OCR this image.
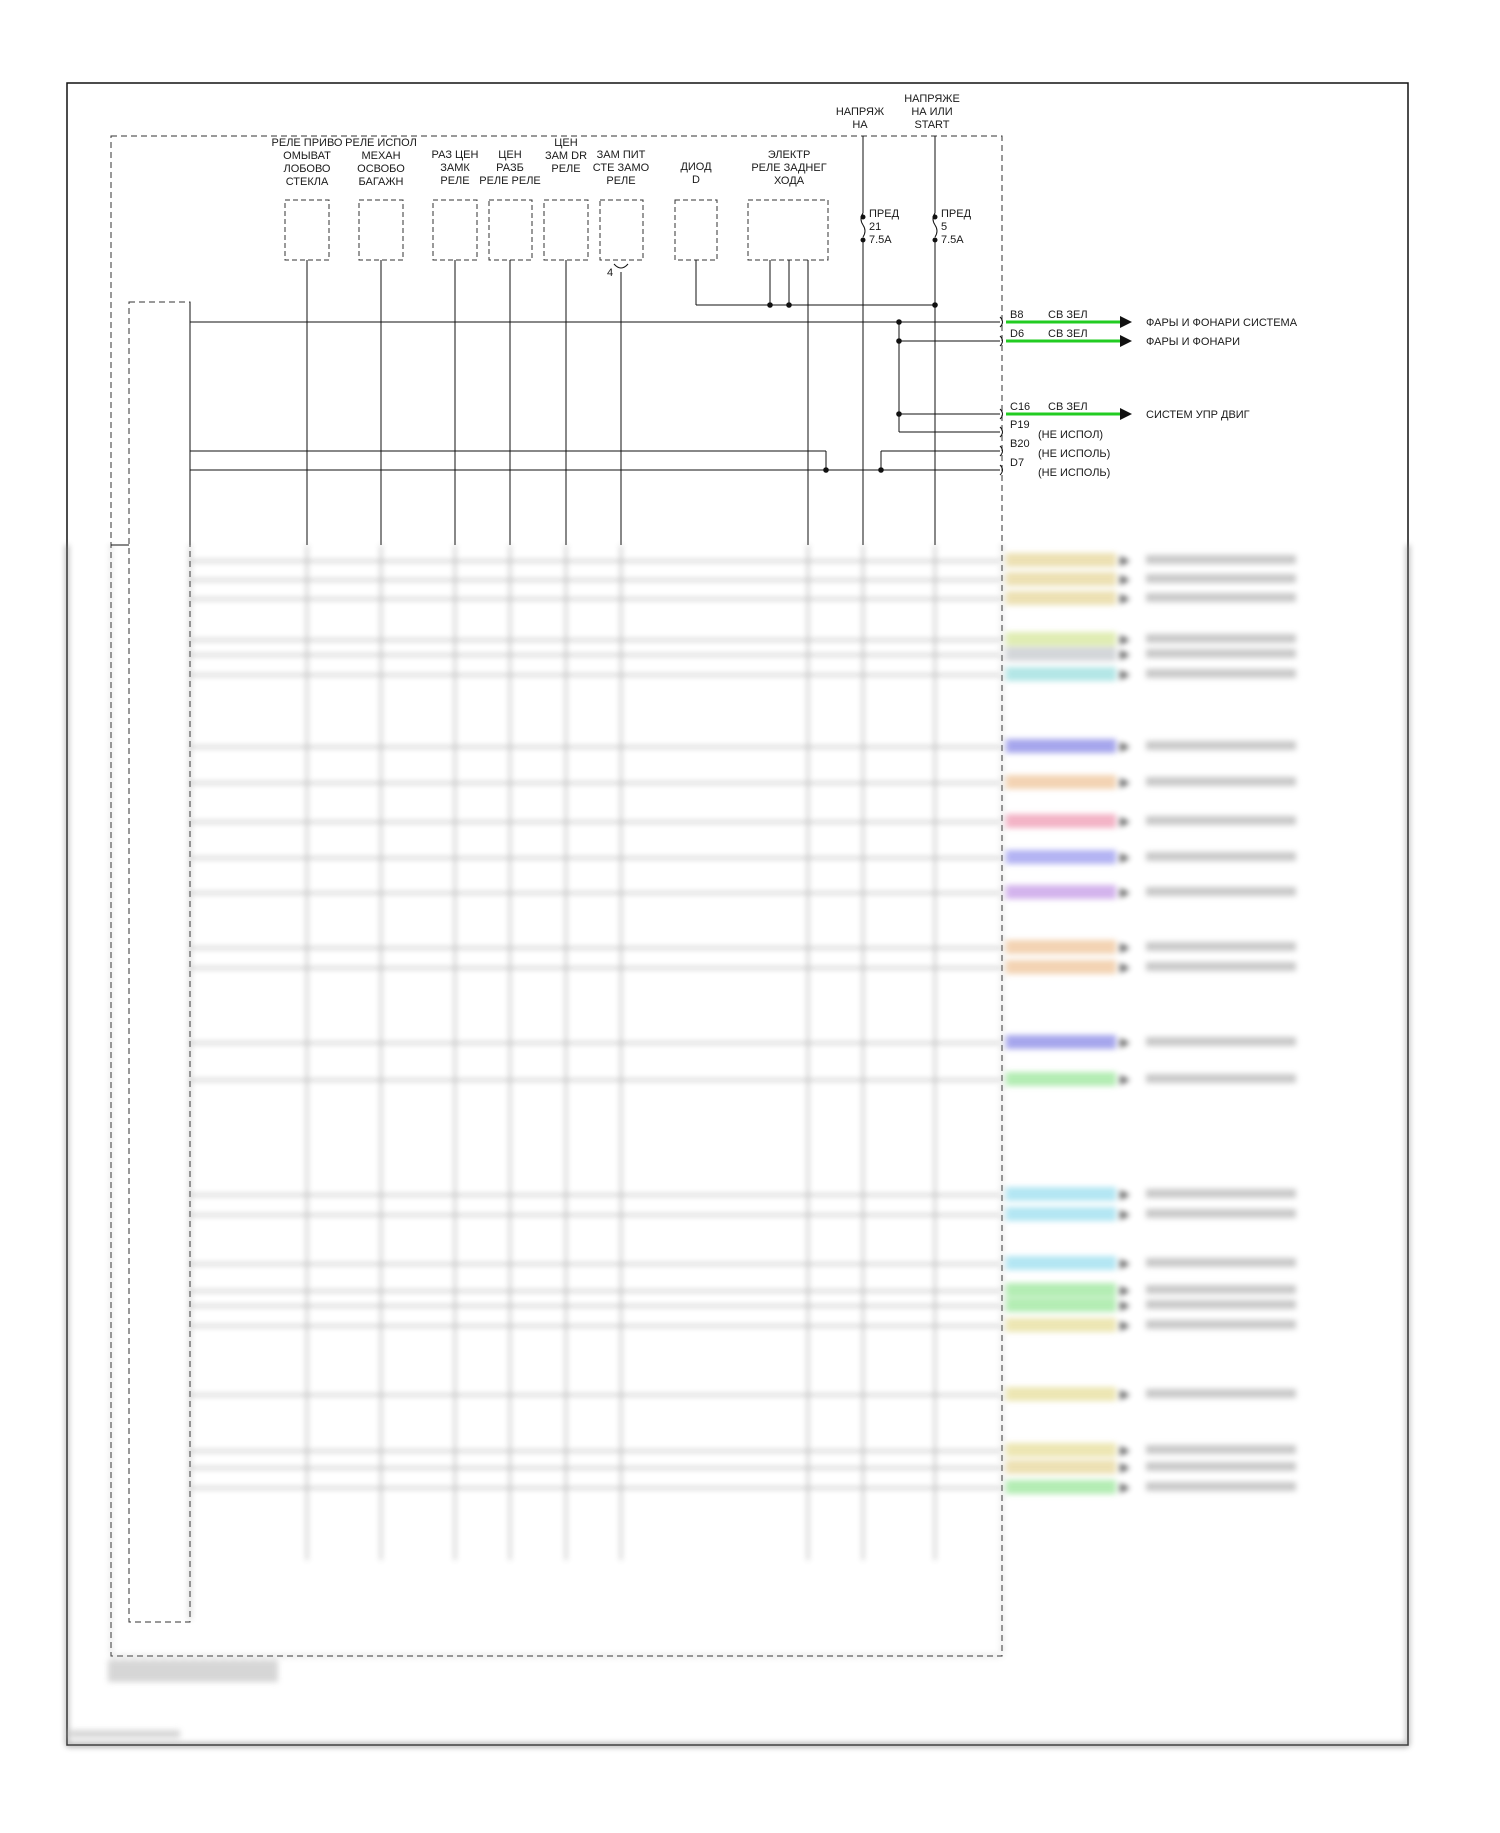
РЕЛЕ ПРИВО
ОМЫВАТ
ЛОБОВО
СТЕКЛА
РЕЛЕ ИСПОЛ
МЕХАН
ОСВОБО
БАГАЖН
РАЗ ЦЕН
ЗАМК
РЕЛЕ
ЦЕН
РАЗБ
РЕЛЕ РЕЛЕ
ЦЕН
ЗАМ DR
РЕЛЕ
ЗАМ ПИТ
СТЕ ЗАМО
РЕЛЕ
ДИОД
D
ЭЛЕКТР
РЕЛЕ ЗАДНЕГ
ХОДА
НАПРЯЖ
НА
ПРЕД
21
7.5A
НАПРЯЖЕ
НА ИЛИ
START
ПРЕД
5
7.5A
4
B8 СВ ЗЕЛ
ФАРЫ И ФОНАРИ СИСТЕМА
D6 СВ ЗЕЛ
ФАРЫ И ФОНАРИ
C16 СВ ЗЕЛ
СИСТЕМ УПР ДВИГ
P19
(НЕ ИСПОЛ)
B20
(НЕ ИСПОЛЬ)
D7
(НЕ ИСПОЛЬ)
